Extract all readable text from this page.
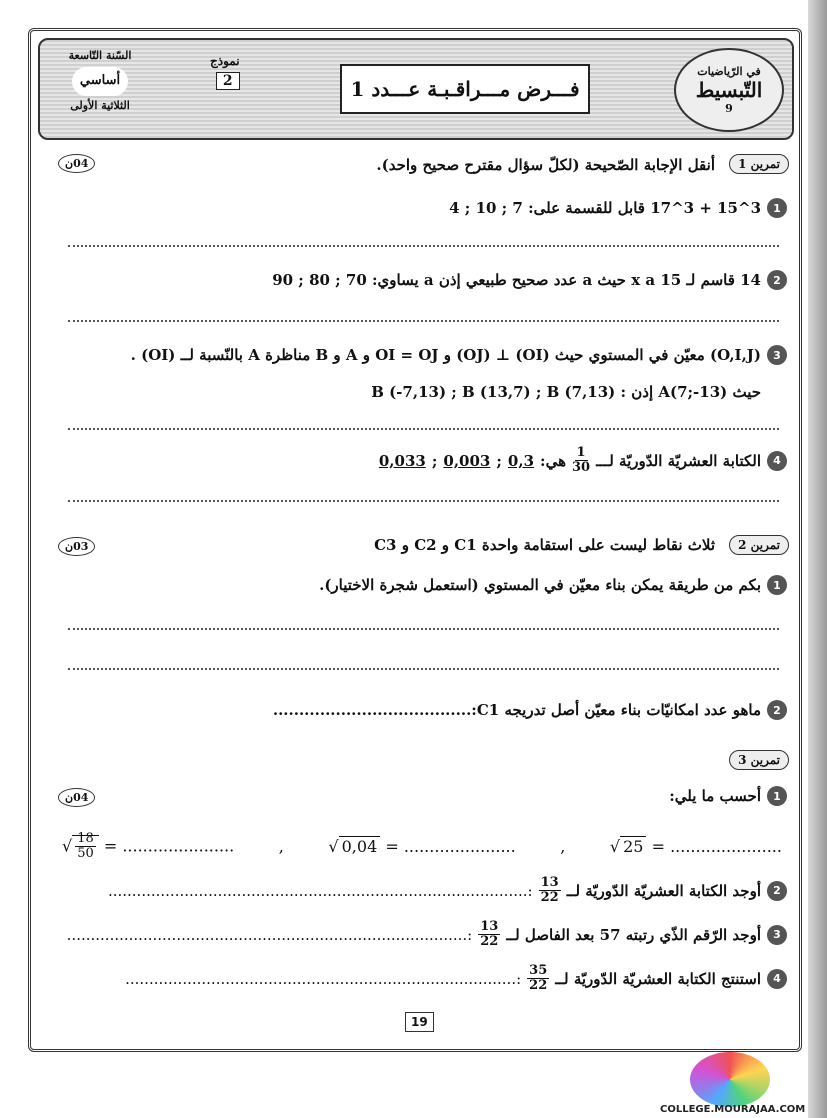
السّنة التّاسعة
أساسي
الثلاثية الأولى
نموذج
2	فـــرض مـــراقـبـة عـــدد 1
في الرّياضيات
التّبسيط
9
تمرين 1
04ن	أنقل الإجابة الصّحيحة (لكلّ سؤال مقترح صحيح واحد).
1
3^15 + 3^17 قابل للقسمة على: 7 ; 10 ; 4
2
14 قاسم لـ 15 x a حيث a عدد صحيح طبيعي إذن a يساوي: 70 ; 80 ; 90
3
(O,I,J) معيّن في المستوي حيث (OI) ⊥ (OJ) و OI = OJ و A و B مناظرة A بالنّسبة لــ (OI) .
حيث A(7;-13) إذن : B (-7,13) ; B (13,7) ; B (7,13)
4
الكتابة العشريّة الدّوريّة لـــ
$\frac{1}{30}$
هي:
0,3
;
0,003
;
0,033
تمرين 2
03ن	ثلاث نقاط ليست على استقامة واحدة C1 و C2 و C3
1
بكم من طريقة يمكن بناء معيّن في المستوي (استعمل شجرة الاختيار).
2
ماهو عدد امكانيّات بناء معيّن أصل تدريجه C1:......................................
تمرين 3
04ن	1
أحسب ما يلي:
√ $\frac{18}{50}$ = ......................	,	√ 0,04 = ......................	,	√ 25 = ......................
2
أوجد الكتابة العشريّة الدّوريّة لــ
$\frac{13}{22}$
:........................................................................................
3
أوجد الرّقم الذّي رتبته 57 بعد الفاصل لــ
$\frac{13}{22}$
:....................................................................................
4
استنتج الكتابة العشريّة الدّوريّة لــ
$\frac{35}{22}$
:..................................................................................
19
COLLEGE.MOURAJAA.COM
